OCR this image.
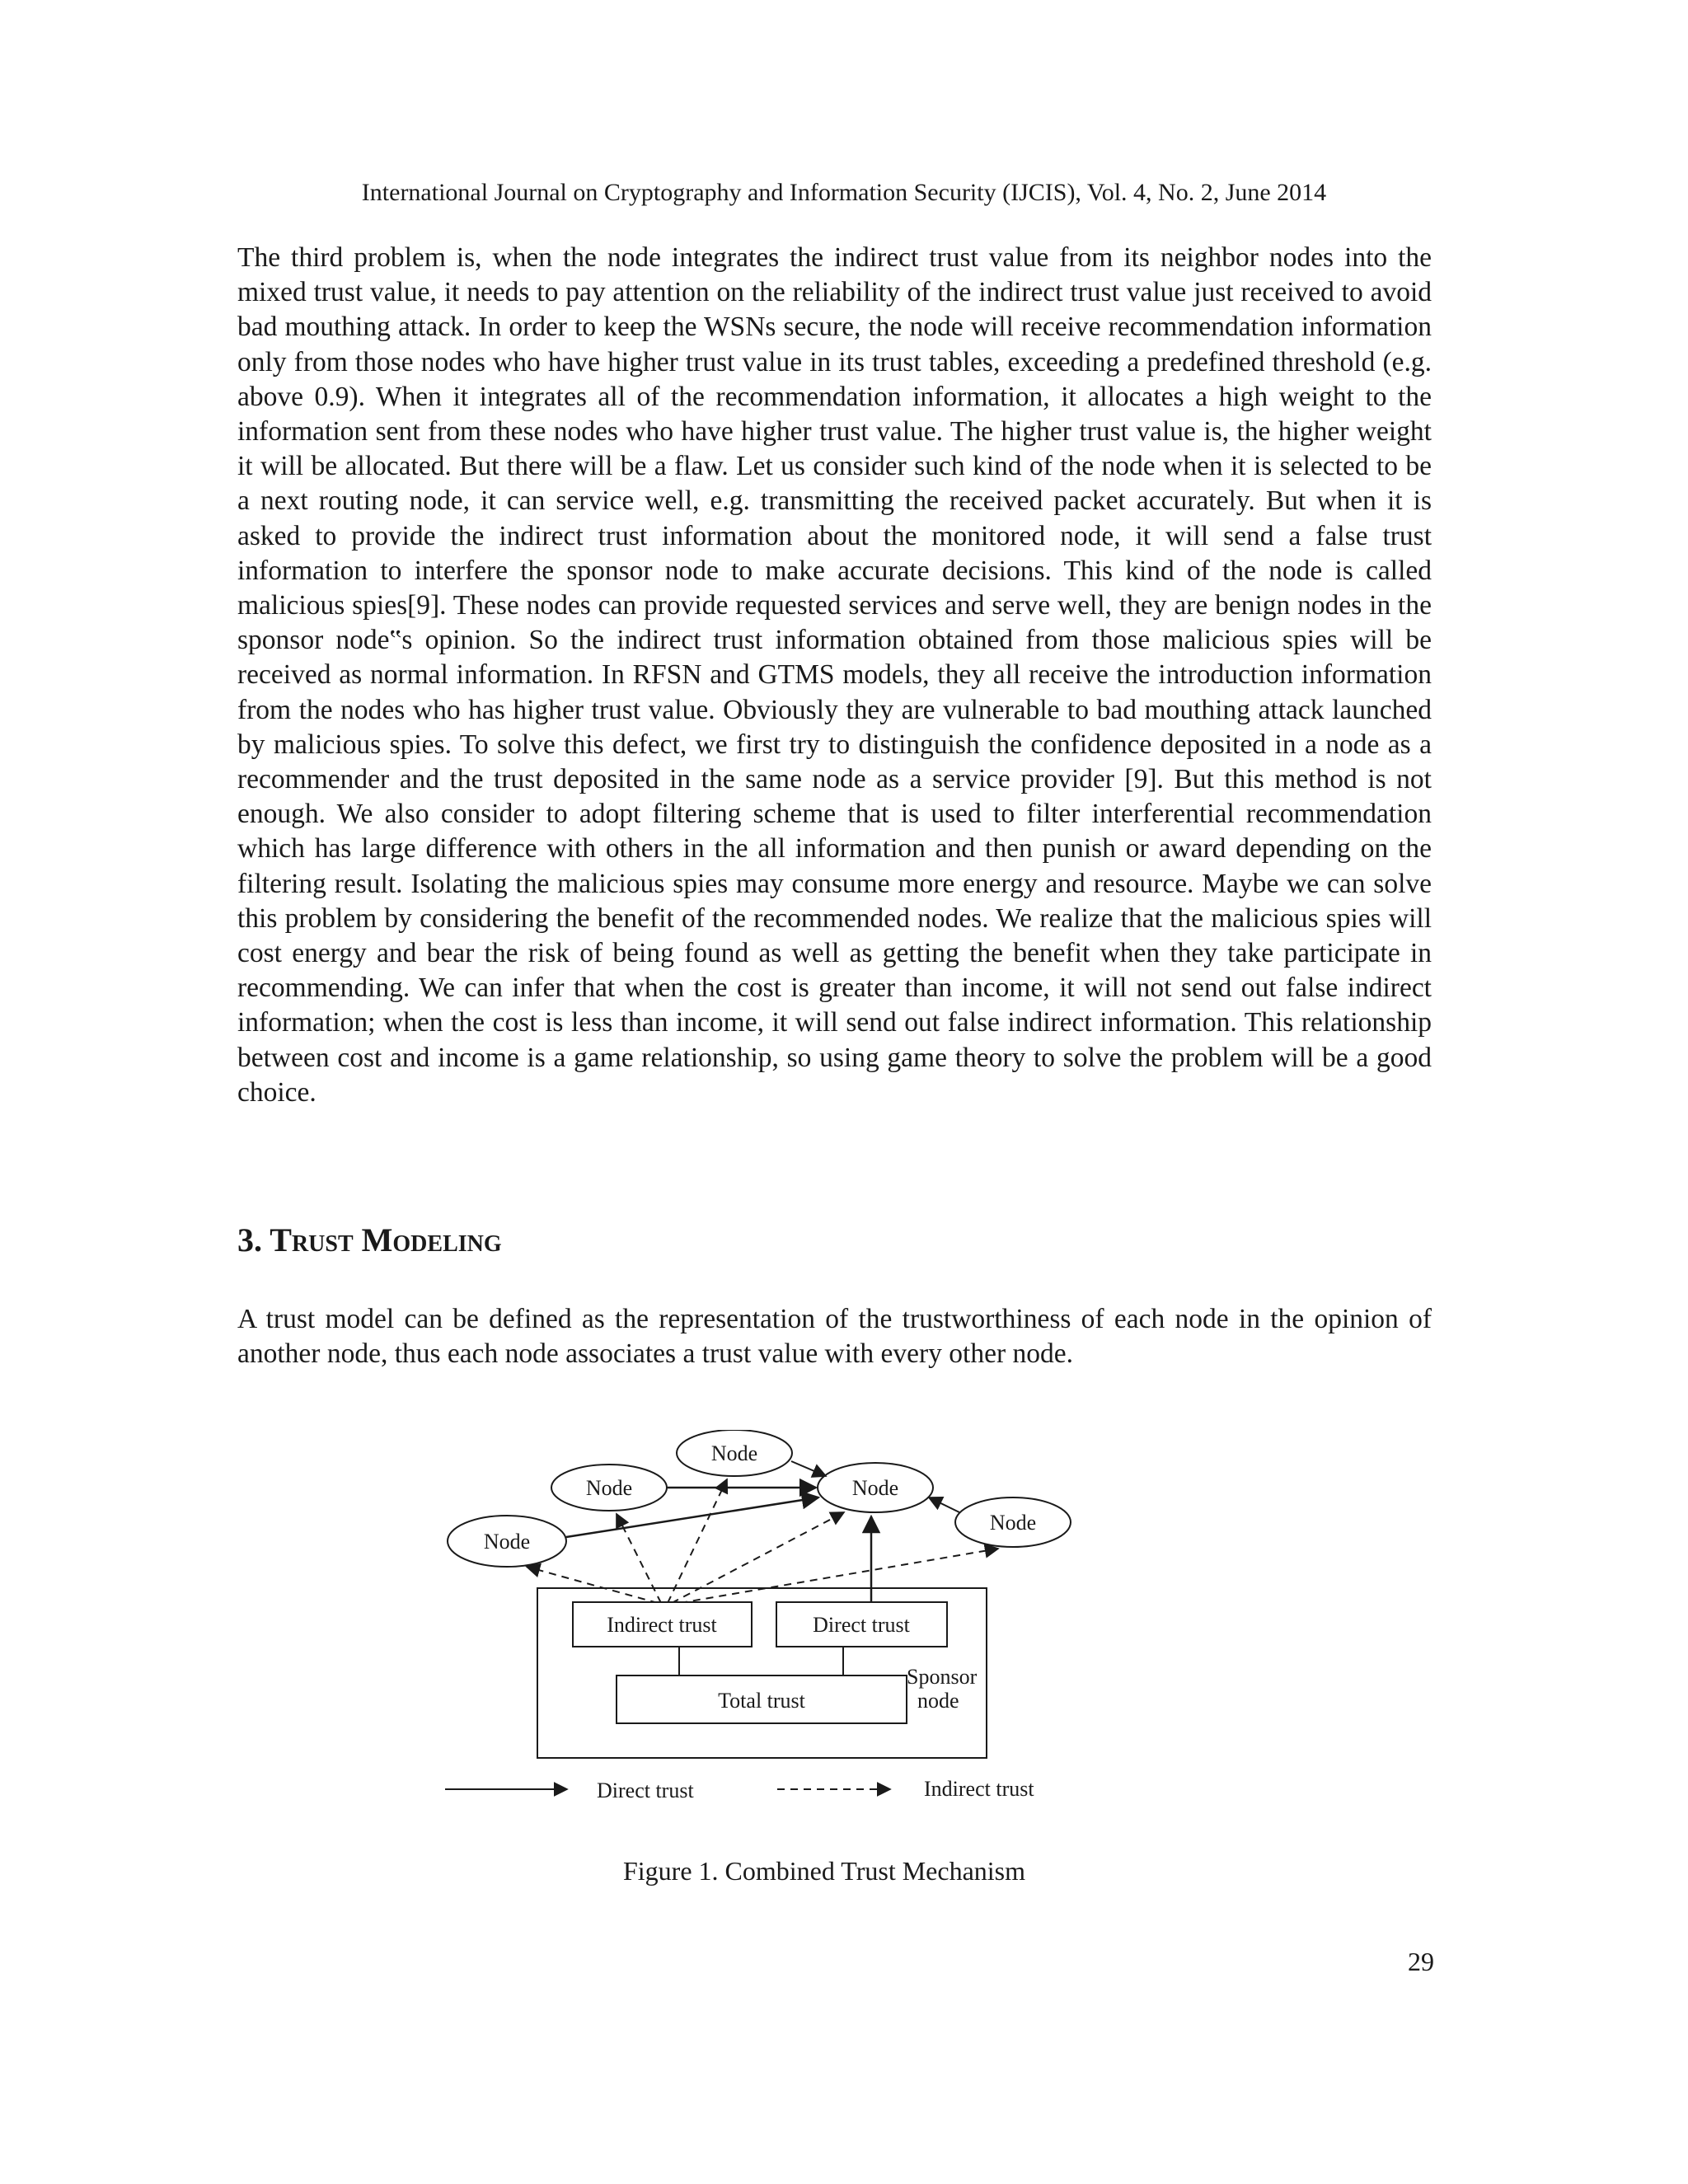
International Journal on Cryptography and Information Security (IJCIS), Vol. 4, No. 2, June 2014

The third problem is, when the node integrates the indirect trust value from its neighbor nodes into the mixed trust value, it needs to pay attention on the reliability of the indirect trust value just received to avoid bad mouthing attack. In order to keep the WSNs secure, the node will receive recommendation information only from those nodes who have higher trust value in its trust tables, exceeding a predefined threshold (e.g. above 0.9). When it integrates all of the recommendation information, it allocates a high weight to the information sent from these nodes who have higher trust value. The higher trust value is, the higher weight it will be allocated. But there will be a flaw. Let us consider such kind of the node when it is selected to be a next routing node, it can service well, e.g. transmitting the received packet accurately. But when it is asked to provide the indirect trust information about the monitored node, it will send a false trust information to interfere the sponsor node to make accurate decisions. This kind of the node is called malicious spies[9]. These nodes can provide requested services and serve well, they are benign nodes in the sponsor node‟s opinion. So the indirect trust information obtained from those malicious spies will be received as normal information. In RFSN and GTMS models, they all receive the introduction information from the nodes who has higher trust value. Obviously they are vulnerable to bad mouthing attack launched by malicious spies. To solve this defect, we first try to distinguish the confidence deposited in a node as a recommender and the trust deposited in the same node as a service provider [9]. But this method is not enough. We also consider to adopt filtering scheme that is used to filter interferential recommendation which has large difference with others in the all information and then punish or award depending on the filtering result. Isolating the malicious spies may consume more energy and resource. Maybe we can solve this problem by considering the benefit of the recommended nodes. We realize that the malicious spies will cost energy and bear the risk of being found as well as getting the benefit when they take participate in recommending. We can infer that when the cost is greater than income, it will not send out false indirect information; when the cost is less than income, it will send out false indirect information. This relationship between cost and income is a game relationship, so using game theory to solve the problem will be a good choice.

3. Trust Modeling

A trust model can be defined as the representation of the trustworthiness of each node in the opinion of another node, thus each node associates a trust value with every other node.

Node
Node	Node
Node
Node
Indirect trust	Direct trust
Total trust
Sponsor
node
Direct trust	Indirect trust
Figure 1. Combined Trust Mechanism
29
